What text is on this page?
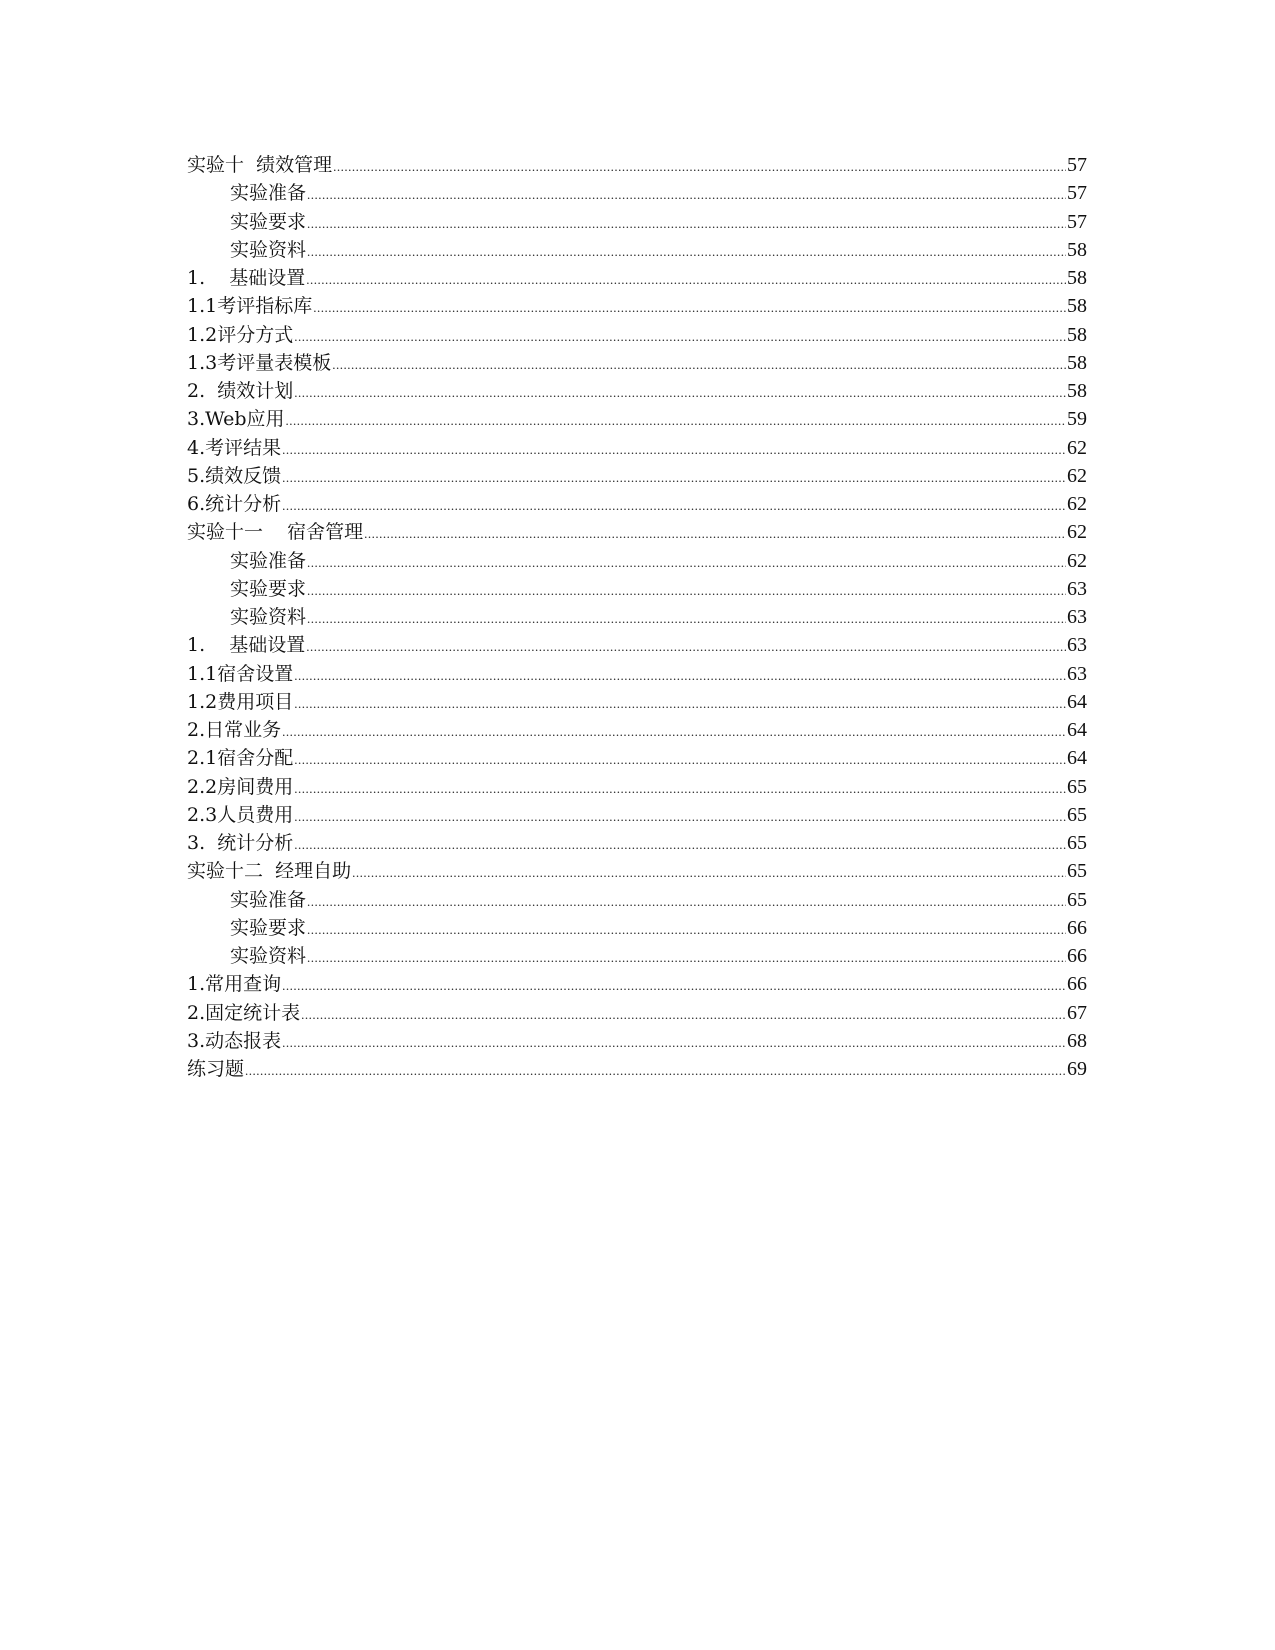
实验十  绩效管理 .....	57
实验准备 .....	57
实验要求 .....	57
实验资料 .....	58
1.    基础设置 .....	58
1.1考评指标库 .....	58
1.2评分方式 .....	58
1.3考评量表模板 .....	58
2.  绩效计划 .....	58
3.Web应用 .....	59
4.考评结果 .....	62
5.绩效反馈 .....	62
6.统计分析 .....	62
实验十一    宿舍管理 .....	62
实验准备 .....	62
实验要求 .....	63
实验资料 .....	63
1.    基础设置 .....	63
1.1宿舍设置 .....	63
1.2费用项目 .....	64
2.日常业务 .....	64
2.1宿舍分配 .....	64
2.2房间费用 .....	65
2.3人员费用 .....	65
3.  统计分析 .....	65
实验十二  经理自助 .....	65
实验准备 .....	65
实验要求 .....	66
实验资料 .....	66
1.常用查询 .....	66
2.固定统计表 .....	67
3.动态报表 .....	68
练习题 .....	69
